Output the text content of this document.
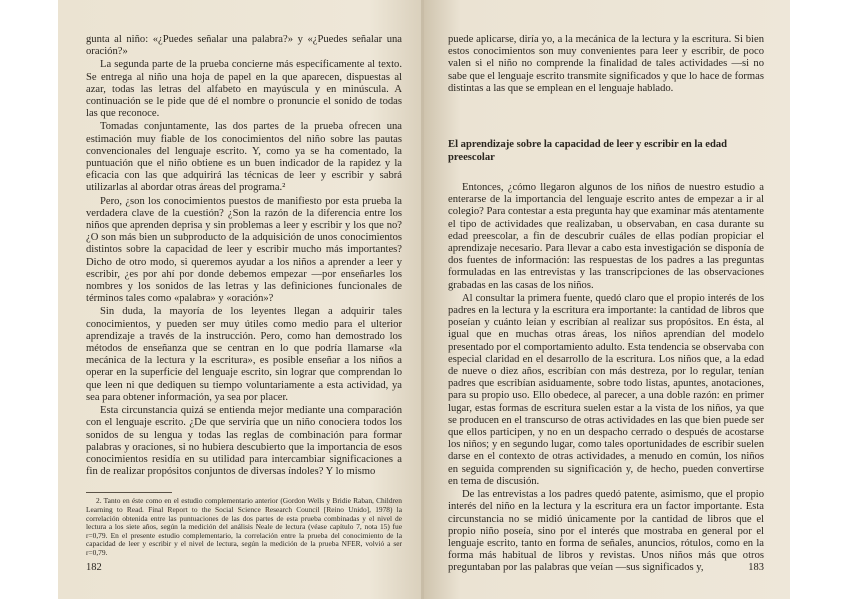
gunta al niño: «¿Puedes señalar una palabra?» y «¿Puedes señalar una oración?»

La segunda parte de la prueba concierne más específicamente al texto. Se entrega al niño una hoja de papel en la que aparecen, dispuestas al azar, todas las letras del alfabeto en mayúscula y en minúscula. A continuación se le pide que dé el nombre o pronuncie el sonido de todas las que reconoce.

Tomadas conjuntamente, las dos partes de la prueba ofrecen una estimación muy fiable de los conocimientos del niño sobre las pautas convencionales del lenguaje escrito. Y, como ya se ha comentado, la puntuación que el niño obtiene es un buen indicador de la rapidez y la eficacia con las que adquirirá las técnicas de leer y escribir y sabrá utilizarlas al abordar otras áreas del programa.²

Pero, ¿son los conocimientos puestos de manifiesto por esta prueba la verdadera clave de la cuestión? ¿Son la razón de la diferencia entre los niños que aprenden deprisa y sin problemas a leer y escribir y los que no? ¿O son más bien un subproducto de la adquisición de unos conocimientos distintos sobre la capacidad de leer y escribir mucho más importantes? Dicho de otro modo, si queremos ayudar a los niños a aprender a leer y escribir, ¿es por ahí por donde debemos empezar —por enseñarles los nombres y los sonidos de las letras y las definiciones funcionales de términos tales como «palabra» y «oración»?

Sin duda, la mayoría de los leyentes llegan a adquirir tales conocimientos, y pueden ser muy útiles como medio para el ulterior aprendizaje a través de la instrucción. Pero, como han demostrado los métodos de enseñanza que se centran en lo que podría llamarse «la mecánica de la lectura y la escritura», es posible enseñar a los niños a operar en la superficie del lenguaje escrito, sin lograr que comprendan lo que leen ni que dediquen su tiempo voluntariamente a esta actividad, ya sea para obtener información, ya sea por placer.

Esta circunstancia quizá se entienda mejor mediante una comparación con el lenguaje escrito. ¿De que serviría que un niño conociera todos los sonidos de su lengua y todas las reglas de combinación para formar palabras y oraciones, si no hubiera descubierto que la importancia de esos conocimientos residía en su utilidad para intercambiar significaciones a fin de realizar propósitos conjuntos de diversas índoles? Y lo mismo

2. Tanto en éste como en el estudio complementario anterior (Gordon Wells y Bridie Raban, Children Learning to Read. Final Report to the Social Science Research Council [Reino Unido], 1978) la correlación obtenida entre las puntuaciones de las dos partes de esta prueba combinadas y el nivel de lectura a los siete años, según la medición del análisis Neale de lectura (véase capítulo 7, nota 15) fue r=0,79. En el presente estudio complementario, la correlación entre la prueba del conocimiento de la capacidad de leer y escribir y el nivel de lectura, según la medición de la prueba NFER, volvió a ser r=0,79.

182

puede aplicarse, diría yo, a la mecánica de la lectura y la escritura. Si bien estos conocimientos son muy convenientes para leer y escribir, de poco valen si el niño no comprende la finalidad de tales actividades —si no sabe que el lenguaje escrito transmite significados y que lo hace de formas distintas a las que se emplean en el lenguaje hablado.

El aprendizaje sobre la capacidad de leer y escribir en la edad preescolar

Entonces, ¿cómo llegaron algunos de los niños de nuestro estudio a enterarse de la importancia del lenguaje escrito antes de empezar a ir al colegio? Para contestar a esta pregunta hay que examinar más atentamente el tipo de actividades que realizaban, u observaban, en casa durante su edad preescolar, a fin de descubrir cuáles de ellas podían propiciar el aprendizaje necesario. Para llevar a cabo esta investigación se disponía de dos fuentes de información: las respuestas de los padres a las preguntas formuladas en las entrevistas y las transcripciones de las observaciones grabadas en las casas de los niños.

Al consultar la primera fuente, quedó claro que el propio interés de los padres en la lectura y la escritura era importante: la cantidad de libros que poseían y cuánto leían y escribían al realizar sus propósitos. En ésta, al igual que en muchas otras áreas, los niños aprendían del modelo presentado por el comportamiento adulto. Esta tendencia se observaba con especial claridad en el desarrollo de la escritura. Los niños que, a la edad de nueve o diez años, escribían con más destreza, por lo regular, tenían padres que escribían asiduamente, sobre todo listas, apuntes, anotaciones, para su propio uso. Ello obedece, al parecer, a una doble razón: en primer lugar, estas formas de escritura suelen estar a la vista de los niños, ya que se producen en el transcurso de otras actividades en las que bien puede ser que ellos participen, y no en un despacho cerrado o después de acostarse los niños; y en segundo lugar, como tales oportunidades de escribir suelen darse en el contexto de otras actividades, a menudo en común, los niños en seguida comprenden su significación y, de hecho, pueden convertirse en tema de discusión.

De las entrevistas a los padres quedó patente, asimismo, que el propio interés del niño en la lectura y la escritura era un factor importante. Esta circunstancia no se midió únicamente por la cantidad de libros que el propio niño poseía, sino por el interés que mostraba en general por el lenguaje escrito, tanto en forma de señales, anuncios, rótulos, como en la forma más habitual de libros y revistas. Unos niños más que otros preguntaban por las palabras que veían —sus significados y,	183
